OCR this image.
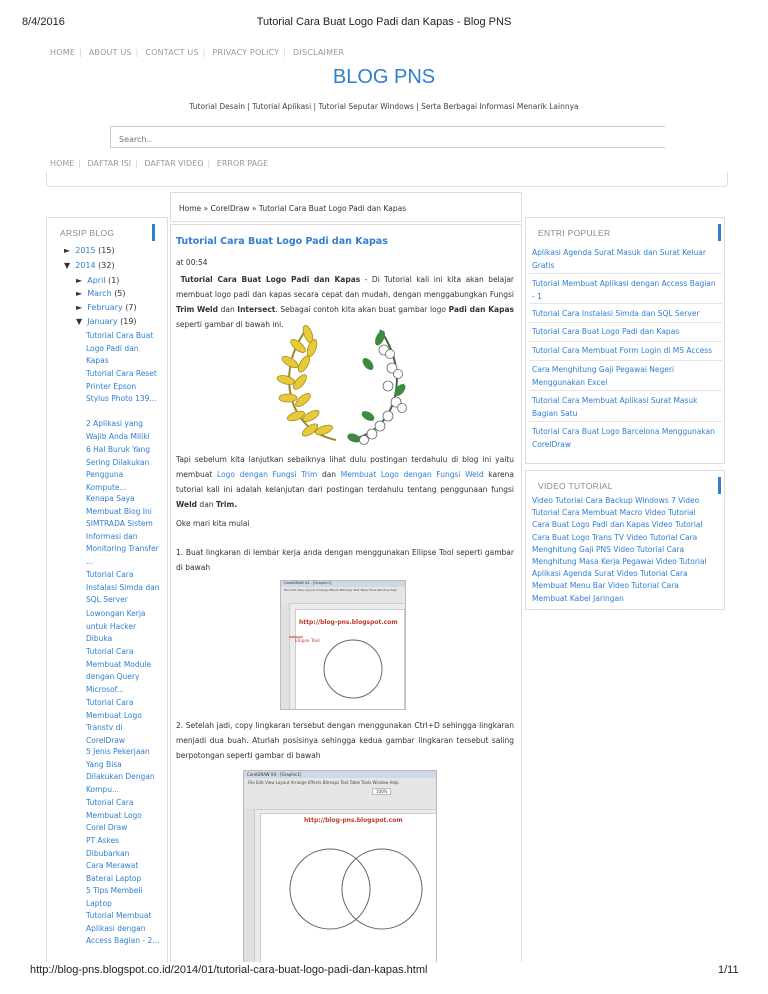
8/4/2016	Tutorial Cara Buat Logo Padi dan Kapas - Blog PNS
HOME | ABOUT US | CONTACT US | PRIVACY POLICY | DISCLAIMER
BLOG PNS
Tutorial Desain | Tutorial Aplikasi | Tutorial Seputar Windows | Serta Berbagai Informasi Menarik Lainnya
Search..
HOME | DAFTAR ISI | DAFTAR VIDEO | ERROR PAGE
Home » CorelDraw » Tutorial Cara Buat Logo Padi dan Kapas
ARSIP BLOG
► 2015 (15)
▼ 2014 (32)
► April (1)
► March (5)
► February (7)
▼ January (19)
Tutorial Cara Buat Logo Padi dan Kapas
Tutorial Cara Reset Printer Epson Stylus Photo 139...
2 Aplikasi yang Wajib Anda Miliki
6 Hal Buruk Yang Sering Dilakukan Pengguna Kompute...
Kenapa Saya Membuat Blog Ini
SIMTRADA Sistem Informasi dan Monitoring Transfer ...
Tutorial Cara Instalasi Simda dan SQL Server
Lowongan Kerja untuk Hacker Dibuka
Tutorial Cara Membuat Module dengan Query Microsof...
Tutorial Cara Membuat Logo Transtv di CorelDraw
5 Jenis Pekerjaan Yang Bisa Dilakukan Dengan Kompu...
Tutorial Cara Membuat Logo Corel Draw
PT Askes Dibubarkan
Cara Merawat Baterai Laptop
5 Tips Membeli Laptop
Tutorial Membuat Aplikasi dengan Access Bagian - 2...
Tutorial Cara Buat Logo Padi dan Kapas
at 00:54
Tutorial Cara Buat Logo Padi dan Kapas - Di Tutorial kali ini kita akan belajar membuat logo padi dan kapas secara cepat dan mudah, dengan menggabungkan Fungsi Trim Weld dan Intersect. Sebagai contoh kita akan buat gambar logo Padi dan Kapas seperti gambar di bawah ini.
Tapi sebelum kita lanjutkan sebaiknya lihat dulu postingan terdahulu di blog ini yaitu membuat Logo dengan Fungsi Trim dan Membuat Logo dengan Fungsi Weld karena tutorial kali ini adalah kelanjutan dari postingan terdahulu tentang penggunaan fungsi Weld dan Trim.
Oke mari kita mulai
1. Buat lingkaran di lembar kerja anda dengan menggunakan Ellipse Tool seperti gambar di bawah
CorelDRAW X4 - [Graphic1]
File Edit View Layout Arrange Effects Bitmaps Text Table Tools Window Help
http://blog-pns.blogspot.com
Ellipse Tool
2. Setelah jadi, copy lingkaran tersebut dengan menggunakan Ctrl+D sehingga lingkaran menjadi dua buah. Aturlah posisinya sehingga kedua gambar lingkaran tersebut saling berpotongan seperti gambar di bawah
CorelDRAW X4 - [Graphic1]
File Edit View Layout Arrange Effects Bitmaps Text Table Tools Window Help
100%
http://blog-pns.blogspot.com
ENTRI POPULER
Aplikasi Agenda Surat Masuk dan Surat Keluar Gratis
Tutorial Membuat Aplikasi dengan Access Bagian - 1
Tutorial Cara Instalasi Simda dan SQL Server
Tutorial Cara Buat Logo Padi dan Kapas
Tutorial Cara Membuat Form Login di MS Access
Cara Menghitung Gaji Pegawai Negeri Menggunakan Excel
Tutorial Cara Membuat Aplikasi Surat Masuk Bagian Satu
Tutorial Cara Buat Logo Barcelona Menggunakan CorelDraw
VIDEO TUTORIAL
Video Tutorial Cara Backup Windows 7 Video Tutorial Cara Membuat Macro Video Tutorial Cara Buat Logo Padi dan Kapas Video Tutorial Cara Buat Logo Trans TV Video Tutorial Cara Menghitung Gaji PNS Video Tutorial Cara Menghitung Masa Kerja Pegawai Video Tutorial Aplikasi Agenda Surat Video Tutorial Cara Membuat Menu Bar Video Tutorial Cara Membuat Kabel Jaringan
http://blog-pns.blogspot.co.id/2014/01/tutorial-cara-buat-logo-padi-dan-kapas.html	1/11
